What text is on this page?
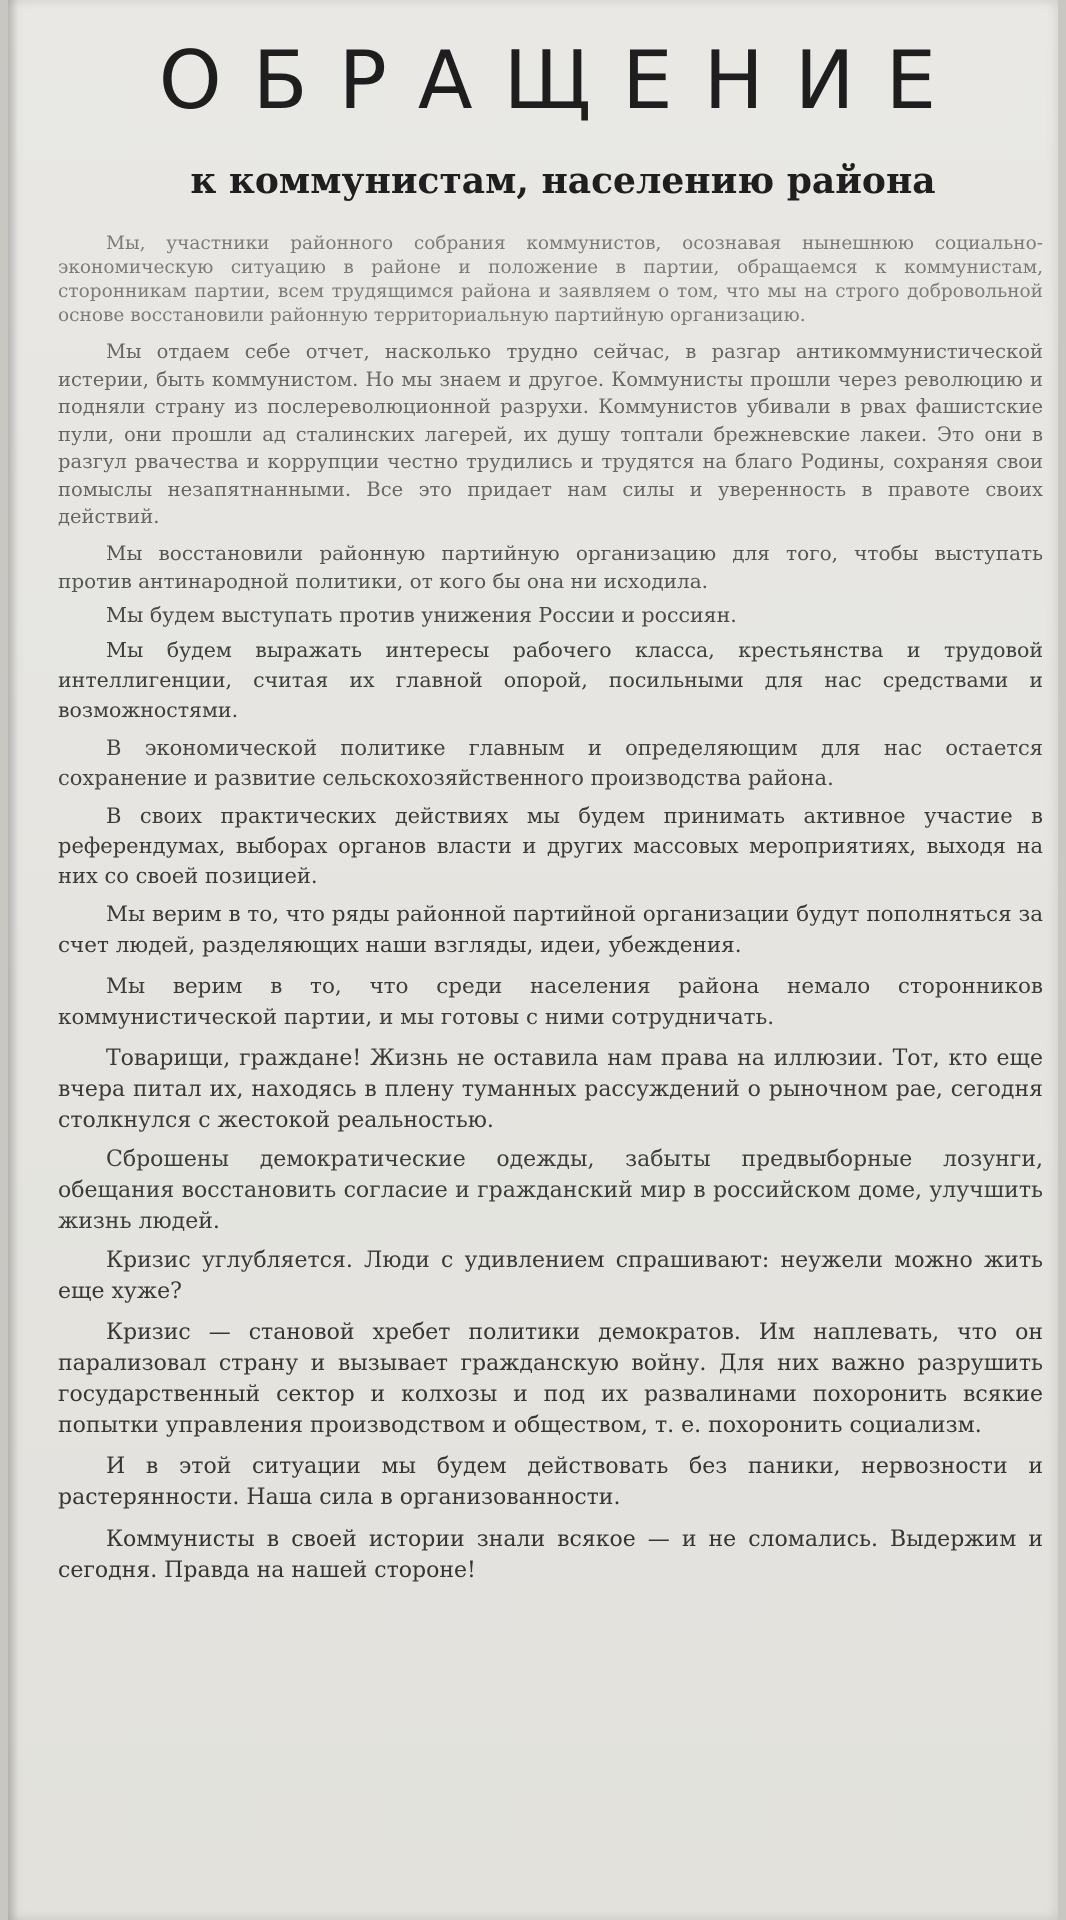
ОБРАЩЕНИЕ
к коммунистам, населению района

Мы, участники районного собрания коммунистов, осознавая нынешнюю социально-экономическую ситуацию в районе и положение в партии, обращаемся к коммунистам, сторонникам партии, всем трудящимся района и заявляем о том, что мы на строго добровольной основе восстановили районную территориальную партийную организацию.

Мы отдаем себе отчет, насколько трудно сейчас, в разгар антикоммунистической истерии, быть коммунистом. Но мы знаем и другое. Коммунисты прошли через революцию и подняли страну из послереволюционной разрухи. Коммунистов убивали в рвах фашистские пули, они прошли ад сталинских лагерей, их душу топтали брежневские лакеи. Это они в разгул рвачества и коррупции честно трудились и трудятся на благо Родины, сохраняя свои помыслы незапятнанными. Все это придает нам силы и уверенность в правоте своих действий.

Мы восстановили районную партийную организацию для того, чтобы выступать против антинародной политики, от кого бы она ни исходила.

Мы будем выступать против унижения России и россиян.

Мы будем выражать интересы рабочего класса, крестьянства и трудовой интеллигенции, считая их главной опорой, посильными для нас средствами и возможностями.

В экономической политике главным и определяющим для нас остается сохранение и развитие сельскохозяйственного производства района.

В своих практических действиях мы будем принимать активное участие в референдумах, выборах органов власти и других массовых мероприятиях, выходя на них со своей позицией.

Мы верим в то, что ряды районной партийной организации будут пополняться за счет людей, разделяющих наши взгляды, идеи, убеждения.

Мы верим в то, что среди населения района немало сторонников коммунистической партии, и мы готовы с ними сотрудничать.

Товарищи, граждане! Жизнь не оставила нам права на иллюзии. Тот, кто еще вчера питал их, находясь в плену туманных рассуждений о рыночном рае, сегодня столкнулся с жестокой реальностью.

Сброшены демократические одежды, забыты предвыборные лозунги, обещания восстановить согласие и гражданский мир в российском доме, улучшить жизнь людей.

Кризис углубляется. Люди с удивлением спрашивают: неужели можно жить еще хуже?

Кризис — становой хребет политики демократов. Им наплевать, что он парализовал страну и вызывает гражданскую войну. Для них важно разрушить государственный сектор и колхозы и под их развалинами похоронить всякие попытки управления производством и обществом, т. е. похоронить социализм.

И в этой ситуации мы будем действовать без паники, нервозности и растерянности. Наша сила в организованности.

Коммунисты в своей истории знали всякое — и не сломались. Выдержим и сегодня. Правда на нашей стороне!
